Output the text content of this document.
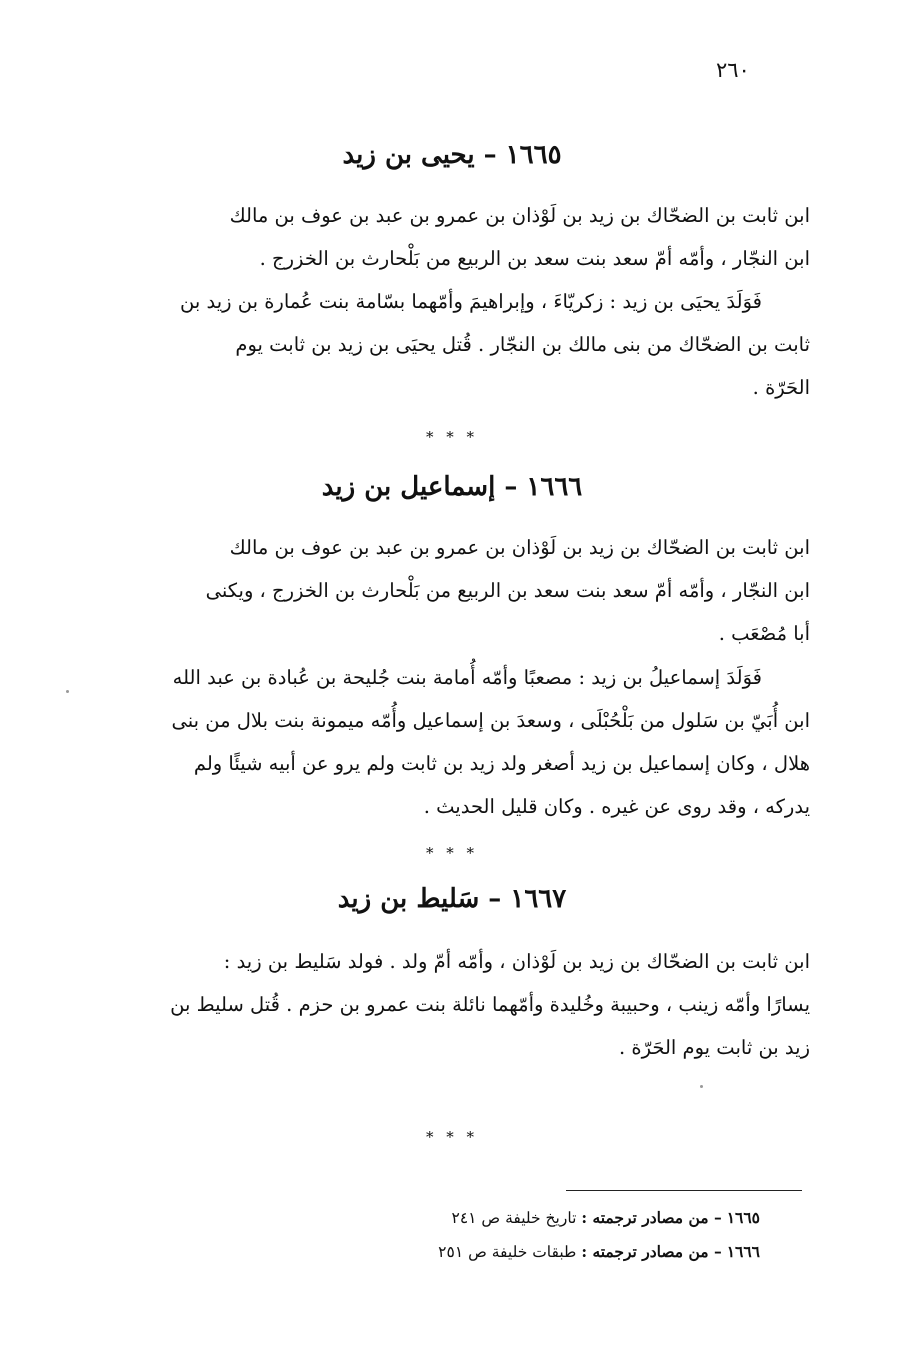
٢٦٠
١٦٦٥ – يحيى بن زيد
ابن ثابت بن الضحّاك بن زيد بن لَوْذان بن عمرو بن عبد بن عوف بن مالك
ابن النجّار ، وأمّه أمّ سعد بنت سعد بن الربيع من بَلْحارث بن الخزرج .
فَوَلَدَ يحيَى بن زيد : زكريّاءَ ، وإبراهيمَ وأمّهما بسّامة بنت عُمارة بن زيد بن
ثابت بن الضحّاك من بنى مالك بن النجّار . قُتل يحيَى بن زيد بن ثابت يوم
الحَرّة .
* * *
١٦٦٦ – إسماعيل بن زيد
ابن ثابت بن الضحّاك بن زيد بن لَوْذان بن عمرو بن عبد بن عوف بن مالك
ابن النجّار ، وأمّه أمّ سعد بنت سعد بن الربيع من بَلْحارث بن الخزرج ، ويكنى
أبا مُصْعَب .
فَوَلَدَ إسماعيلُ بن زيد : مصعبًا وأمّه أُمامة بنت جُليحة بن عُبادة بن عبد الله
ابن أُبَيّ بن سَلول من بَلْحُبْلَى ، وسعدَ بن إسماعيل وأُمّه ميمونة بنت بلال من بنى
هلال ، وكان إسماعيل بن زيد أصغر ولد زيد بن ثابت ولم يرو عن أبيه شيئًا ولم
يدركه ، وقد روى عن غيره . وكان قليل الحديث .
* * *
١٦٦٧ – سَليط بن زيد
ابن ثابت بن الضحّاك بن زيد بن لَوْذان ، وأمّه أمّ ولد . فولد سَليط بن زيد :
يسارًا وأمّه زينب ، وحبيبة وخُليدة وأمّهما نائلة بنت عمرو بن حزم . قُتل سليط بن
زيد بن ثابت يوم الحَرّة .
* * *
١٦٦٥ – من مصادر ترجمته : تاريخ خليفة ص ٢٤١
١٦٦٦ – من مصادر ترجمته : طبقات خليفة ص ٢٥١
